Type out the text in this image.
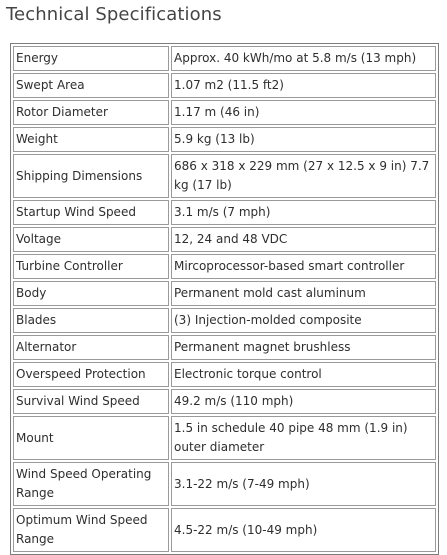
Technical Specifications
Energy	Approx. 40 kWh/mo at 5.8 m/s (13 mph)
Swept Area	1.07 m2 (11.5 ft2)
Rotor Diameter	1.17 m (46 in)
Weight	5.9 kg (13 lb)
Shipping Dimensions	686 x 318 x 229 mm (27 x 12.5 x 9 in) 7.7 kg (17 lb)
Startup Wind Speed	3.1 m/s (7 mph)
Voltage	12, 24 and 48 VDC
Turbine Controller	Mircoprocessor-based smart controller
Body	Permanent mold cast aluminum
Blades	(3) Injection-molded composite
Alternator	Permanent magnet brushless
Overspeed Protection	Electronic torque control
Survival Wind Speed	49.2 m/s (110 mph)
Mount	1.5 in schedule 40 pipe 48 mm (1.9 in) outer diameter
Wind Speed Operating Range	3.1-22 m/s (7-49 mph)
Optimum Wind Speed Range	4.5-22 m/s (10-49 mph)
